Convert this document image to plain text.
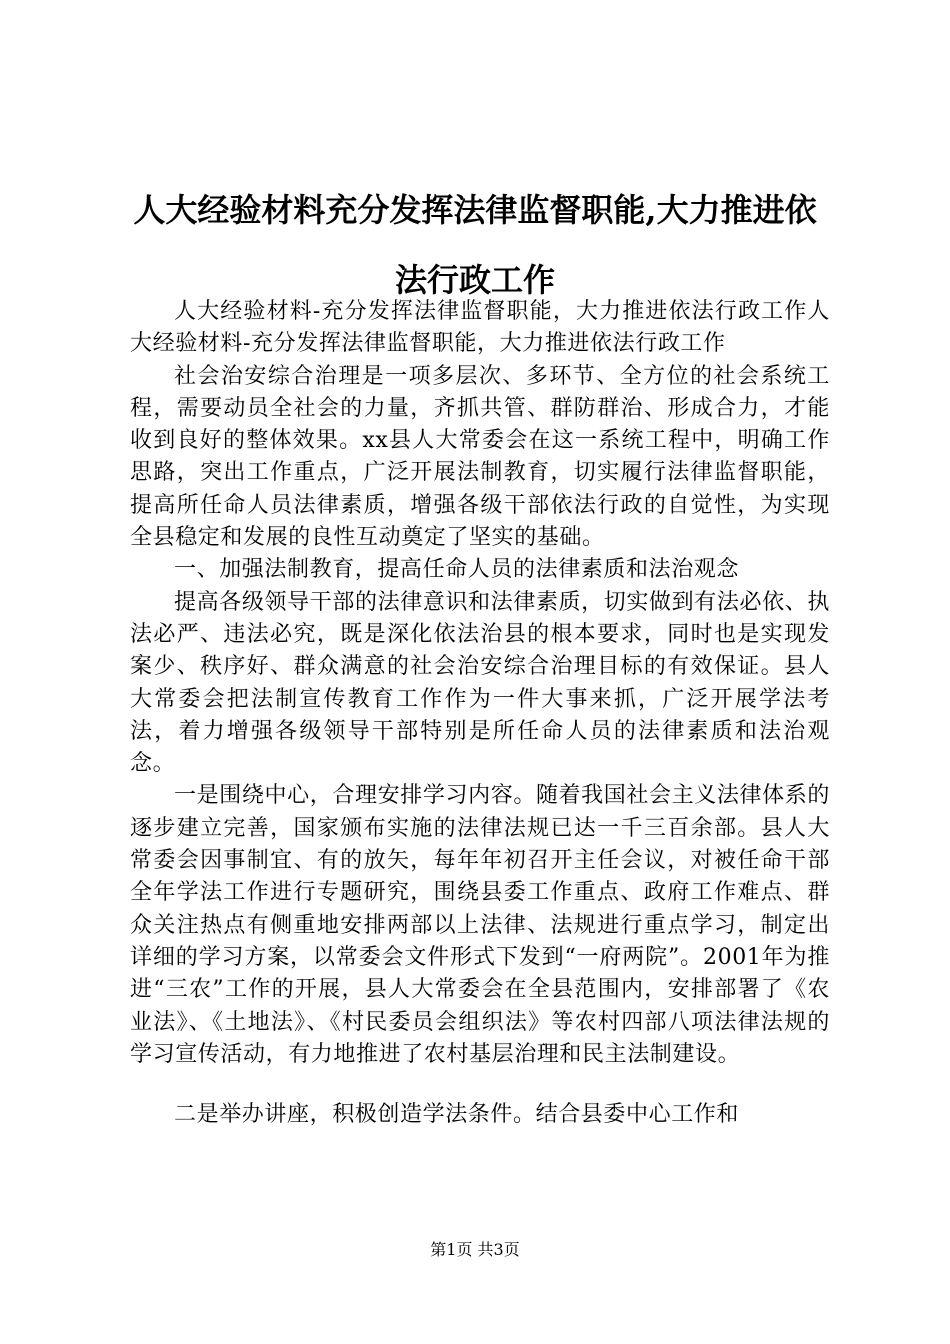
人大经验材料充分发挥法律监督职能,大力推进依法行政工作

人大经验材料-充分发挥法律监督职能，大力推进依法行政工作人大经验材料-充分发挥法律监督职能，大力推进依法行政工作

社会治安综合治理是一项多层次、多环节、全方位的社会系统工程，需要动员全社会的力量，齐抓共管、群防群治、形成合力，才能收到良好的整体效果。xx县人大常委会在这一系统工程中，明确工作思路，突出工作重点，广泛开展法制教育，切实履行法律监督职能，提高所任命人员法律素质，增强各级干部依法行政的自觉性，为实现全县稳定和发展的良性互动奠定了坚实的基础。

一、加强法制教育，提高任命人员的法律素质和法治观念

提高各级领导干部的法律意识和法律素质，切实做到有法必依、执法必严、违法必究，既是深化依法治县的根本要求，同时也是实现发案少、秩序好、群众满意的社会治安综合治理目标的有效保证。县人大常委会把法制宣传教育工作作为一件大事来抓，广泛开展学法考法，着力增强各级领导干部特别是所任命人员的法律素质和法治观念。

一是围绕中心，合理安排学习内容。随着我国社会主义法律体系的逐步建立完善，国家颁布实施的法律法规已达一千三百余部。县人大常委会因事制宜、有的放矢，每年年初召开主任会议，对被任命干部全年学法工作进行专题研究，围绕县委工作重点、政府工作难点、群众关注热点有侧重地安排两部以上法律、法规进行重点学习，制定出详细的学习方案，以常委会文件形式下发到“一府两院”。2001年为推进“三农”工作的开展，县人大常委会在全县范围内，安排部署了《农业法》、《土地法》、《村民委员会组织法》等农村四部八项法律法规的学习宣传活动，有力地推进了农村基层治理和民主法制建设。

二是举办讲座，积极创造学法条件。结合县委中心工作和

第1页 共3页
